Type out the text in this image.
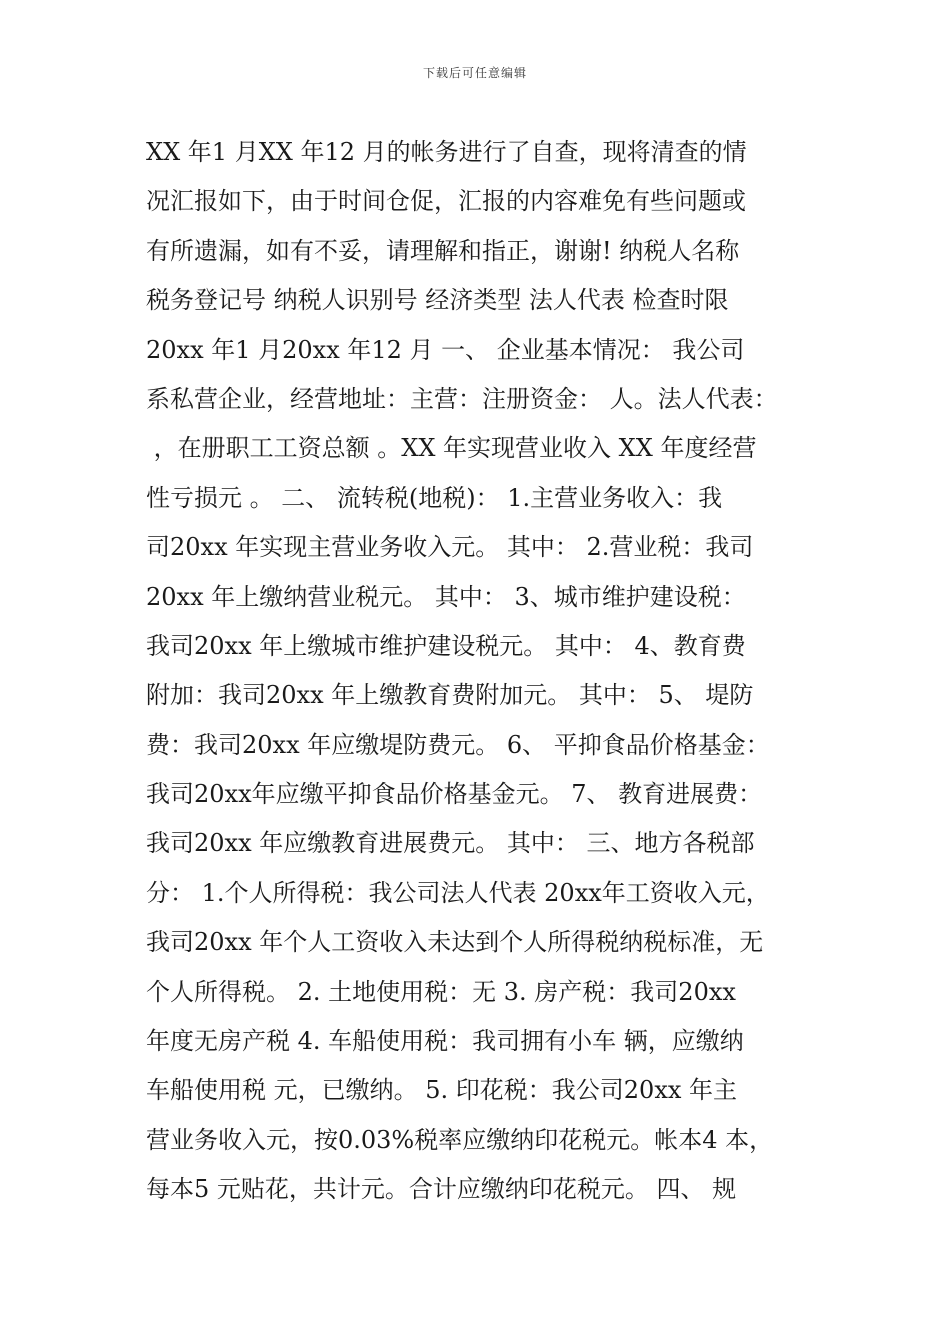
下载后可任意编辑
XX 年1 月XX 年12 月的帐务进行了自查，现将清查的情
况汇报如下，由于时间仓促，汇报的内容难免有些问题或
有所遗漏，如有不妥，请理解和指正，谢谢! 纳税人名称
税务登记号 纳税人识别号 经济类型 法人代表 检查时限
20xx 年1 月20xx 年12 月 一、 企业基本情况： 我公司
系私营企业，经营地址：主营：注册资金： 人。法人代表：
，在册职工工资总额 。XX 年实现营业收入 XX 年度经营
性亏损元 。 二、 流转税(地税)： 1.主营业务收入：我
司20xx 年实现主营业务收入元。 其中： 2.营业税：我司
20xx 年上缴纳营业税元。 其中： 3、城市维护建设税：
我司20xx 年上缴城市维护建设税元。 其中： 4、教育费
附加：我司20xx 年上缴教育费附加元。 其中： 5、 堤防
费：我司20xx 年应缴堤防费元。 6、 平抑食品价格基金：
我司20xx年应缴平抑食品价格基金元。 7、 教育进展费：
我司20xx 年应缴教育进展费元。 其中： 三、地方各税部
分： 1.个人所得税：我公司法人代表 20xx年工资收入元，
我司20xx 年个人工资收入未达到个人所得税纳税标准，无
个人所得税。 2. 土地使用税：无 3. 房产税：我司20xx
年度无房产税 4. 车船使用税：我司拥有小车 辆，应缴纳
车船使用税 元，已缴纳。 5. 印花税：我公司20xx 年主
营业务收入元，按0.03%税率应缴纳印花税元。帐本4 本，
每本5 元贴花，共计元。合计应缴纳印花税元。 四、 规
